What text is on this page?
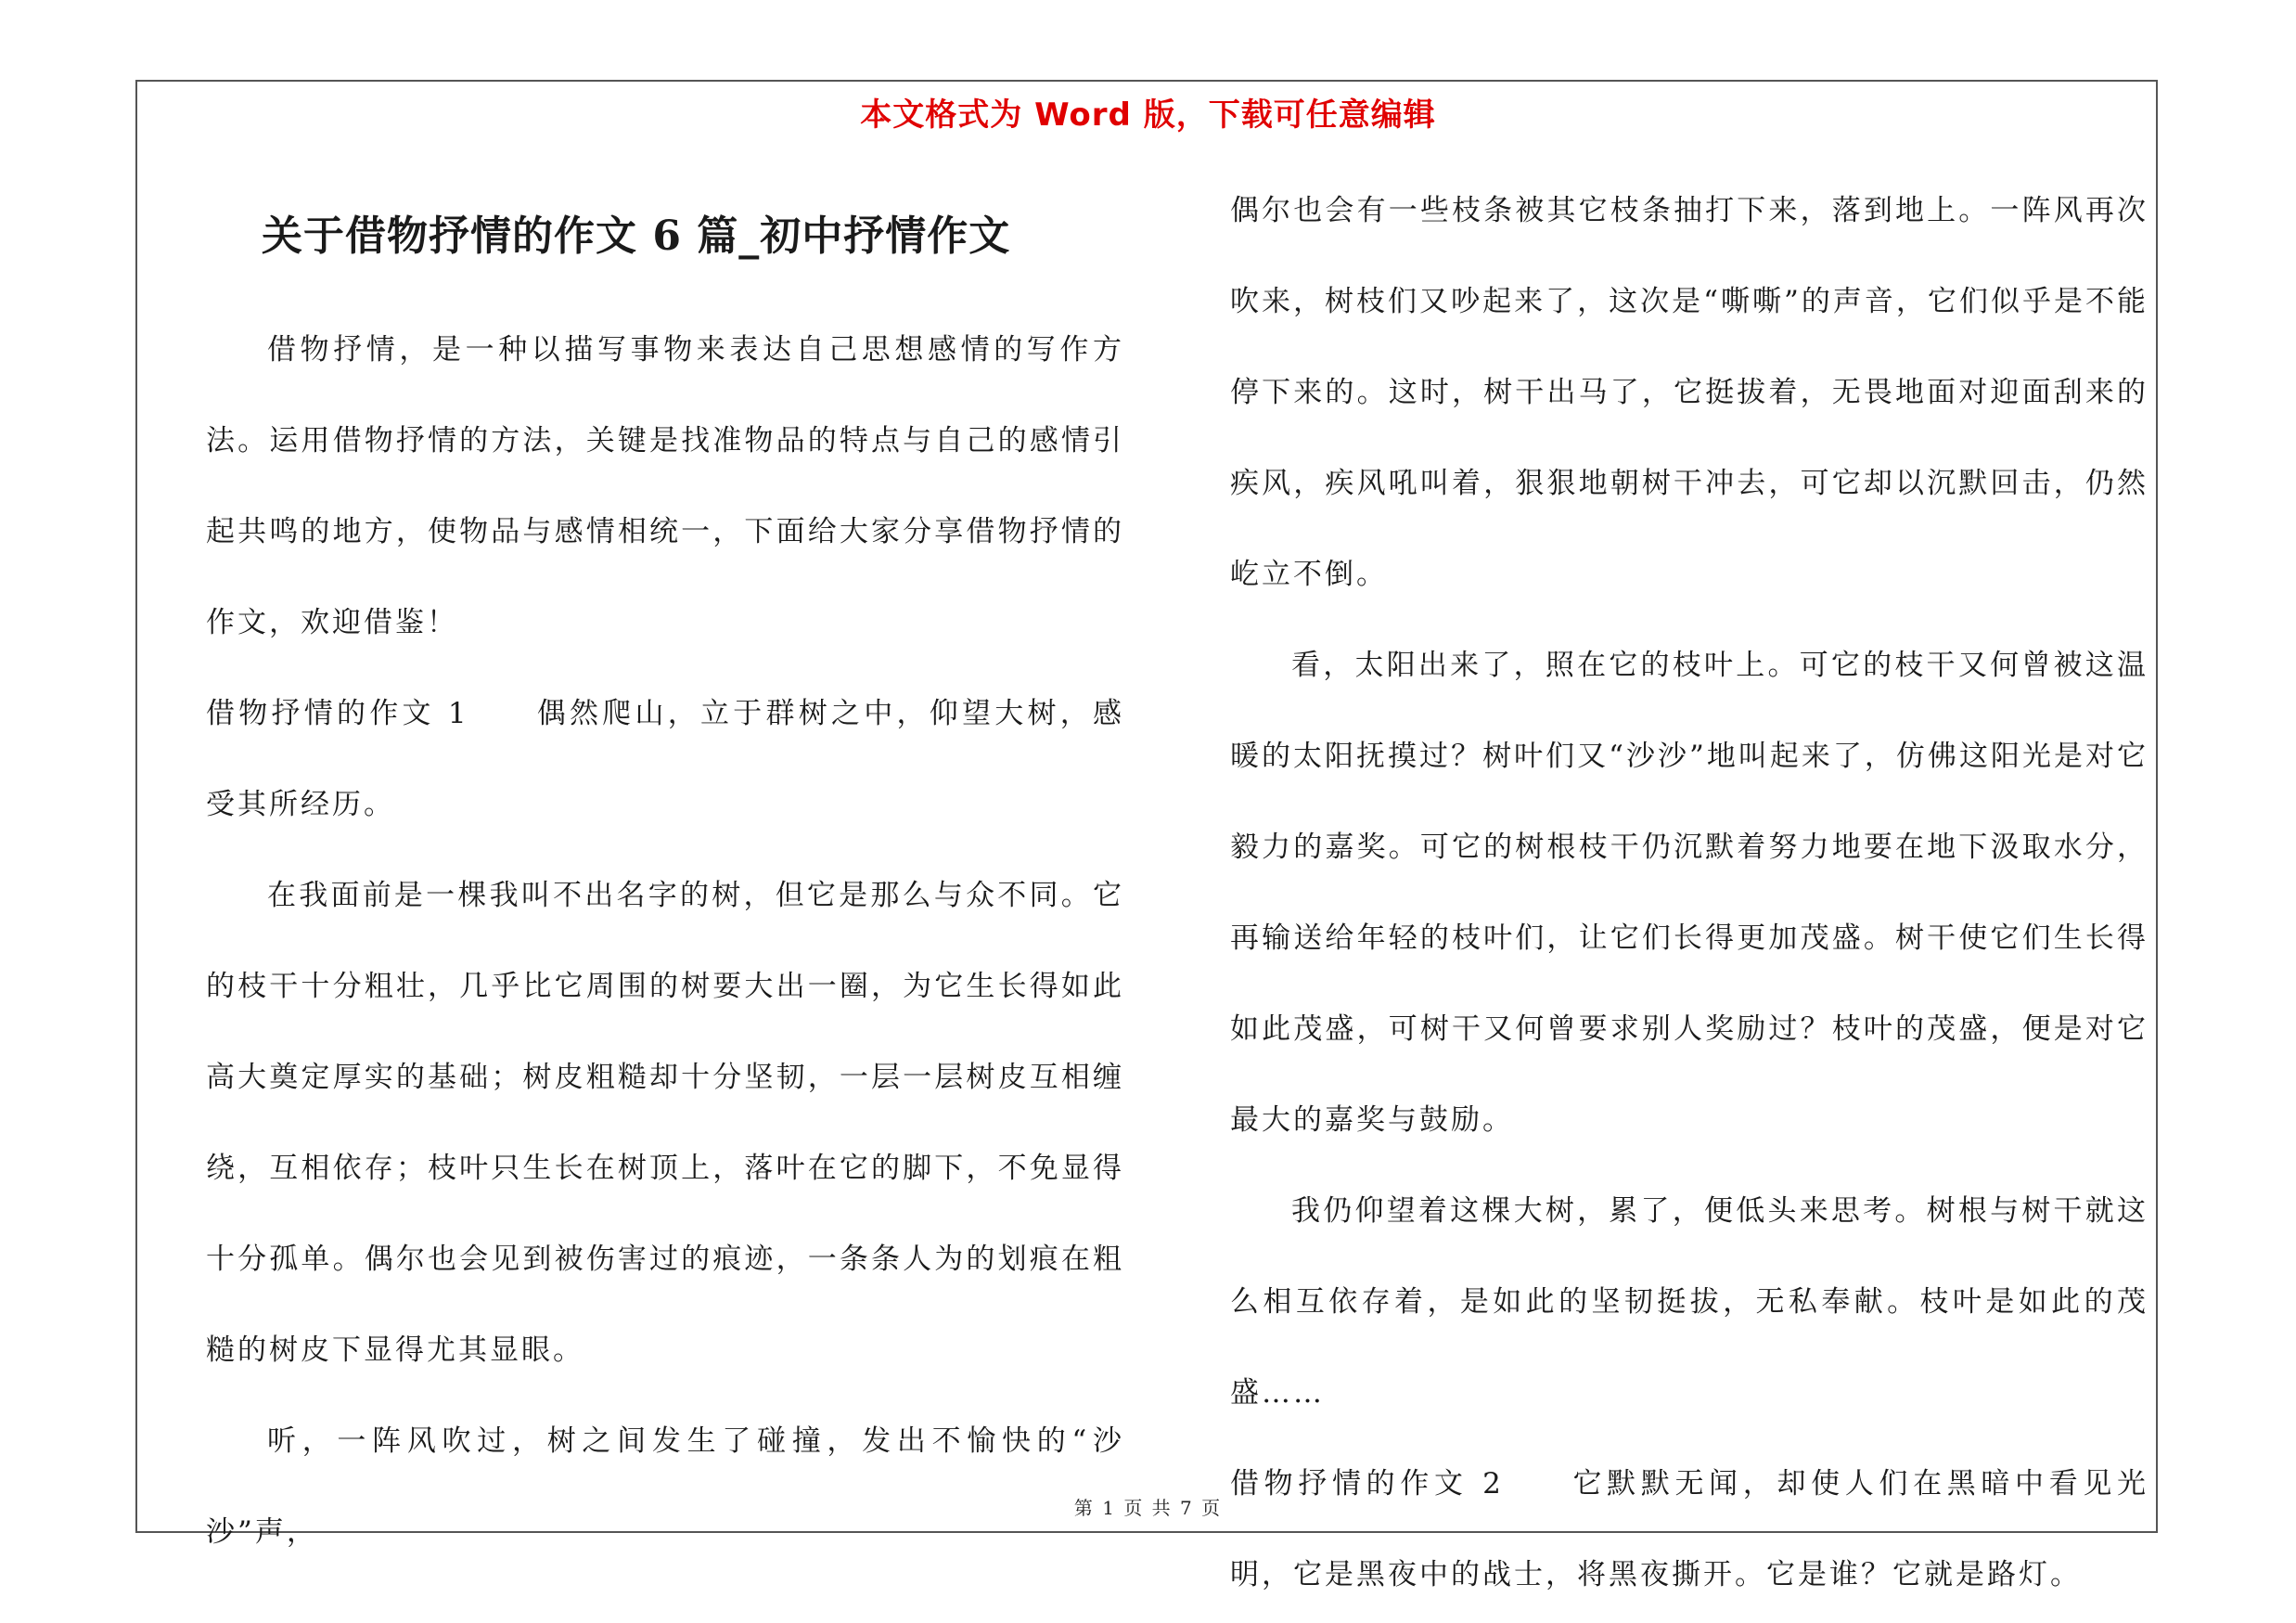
本文格式为 Word 版，下载可任意编辑
关于借物抒情的作文 6 篇_初中抒情作文

借物抒情，是一种以描写事物来表达自己思想感情的写作方法。运用借物抒情的方法，关键是找准物品的特点与自己的感情引起共鸣的地方，使物品与感情相统一，下面给大家分享借物抒情的作文，欢迎借鉴！

借物抒情的作文 1 偶然爬山，立于群树之中，仰望大树，感受其所经历。

在我面前是一棵我叫不出名字的树，但它是那么与众不同。它的枝干十分粗壮，几乎比它周围的树要大出一圈，为它生长得如此高大奠定厚实的基础；树皮粗糙却十分坚韧，一层一层树皮互相缠绕，互相依存；枝叶只生长在树顶上，落叶在它的脚下，不免显得十分孤单。偶尔也会见到被伤害过的痕迹，一条条人为的划痕在粗糙的树皮下显得尤其显眼。

听，一阵风吹过，树之间发生了碰撞，发出不愉快的“沙沙”声，

偶尔也会有一些枝条被其它枝条抽打下来，落到地上。一阵风再次吹来，树枝们又吵起来了，这次是“嘶嘶”的声音，它们似乎是不能停下来的。这时，树干出马了，它挺拔着，无畏地面对迎面刮来的疾风，疾风吼叫着，狠狠地朝树干冲去，可它却以沉默回击，仍然屹立不倒。

看，太阳出来了，照在它的枝叶上。可它的枝干又何曾被这温暖的太阳抚摸过？树叶们又“沙沙”地叫起来了，仿佛这阳光是对它毅力的嘉奖。可它的树根枝干仍沉默着努力地要在地下汲取水分，再输送给年轻的枝叶们，让它们长得更加茂盛。树干使它们生长得如此茂盛，可树干又何曾要求别人奖励过？枝叶的茂盛，便是对它最大的嘉奖与鼓励。

我仍仰望着这棵大树，累了，便低头来思考。树根与树干就这么相互依存着，是如此的坚韧挺拔，无私奉献。枝叶是如此的茂盛……

借物抒情的作文 2 它默默无闻，却使人们在黑暗中看见光明，它是黑夜中的战士，将黑夜撕开。它是谁？它就是路灯。

第 1 页 共 7 页
